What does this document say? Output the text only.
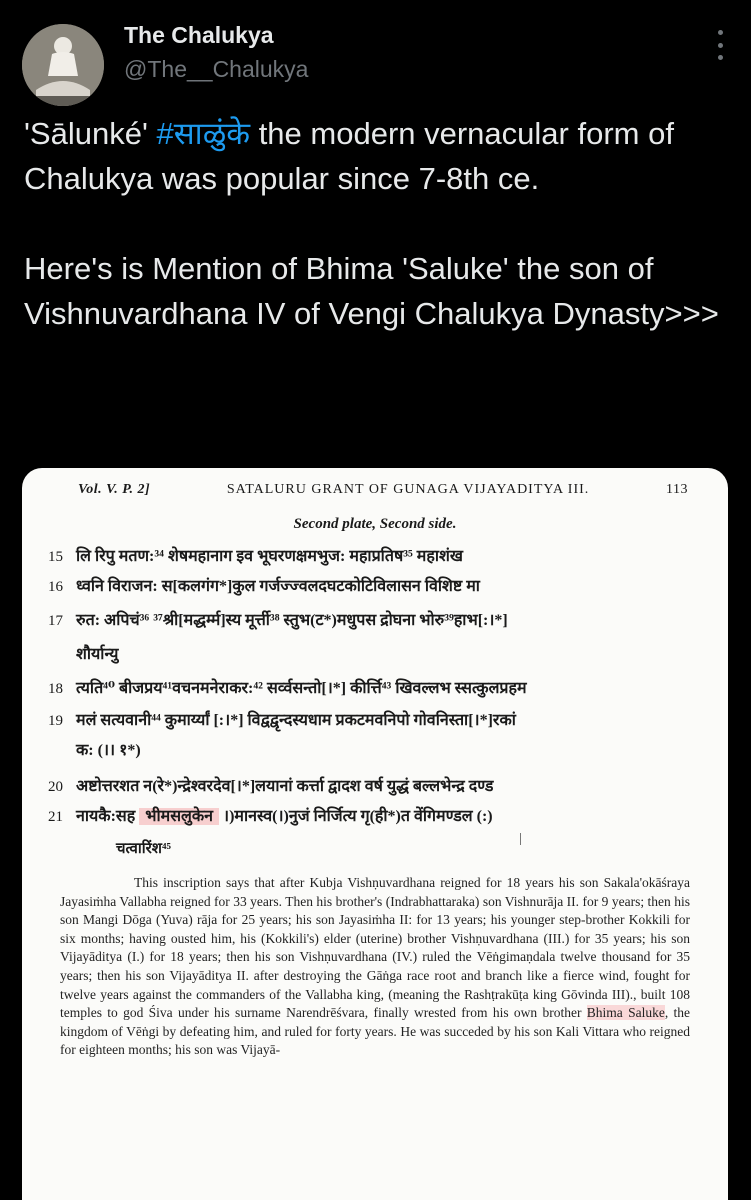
The Chalukya
@The__Chalukya
'Sālunké' #साळुंके the modern vernacular form of Chalukya was popular since 7-8th ce.

Here's is Mention of Bhima 'Saluke' the son of Vishnuvardhana IV of Vengi Chalukya Dynasty>>>
Vol. V. P. 2]	SATALURU GRANT OF GUNAGA VIJAYADITYA III.	113
Second plate, Second side.
15 लि रिपु मतण:³⁴ शेषमहानाग इव भूघरणक्षमभुज: महाप्रतिष³⁵ महाशंख
16 ध्वनि विराजन: स[कलगंग*]कुल गर्जज्ज्वलदघटकोटिविलासन विशिष्ट मा
17 रुत: अपिचं³⁶ ³⁷श्री[मद्धर्म्म]स्य मूर्त्ती³⁸ स्तुभ(ट*)मधुपस द्रोघना भोरु³⁹हाभ[:।*]
शौर्यान्यु
18 त्यति⁴⁰ बीजप्रय⁴¹वचनमनेराकर:⁴² सर्व्वसन्तो[।*] कीर्त्ति⁴³ खिवल्लभ स्सत्कुलप्रहम
19 मलं सत्यवानी⁴⁴ कुमार्य्यां [:।*] विद्वद्वृन्दस्यधाम प्रकटमवनिपो गोवनिस्ता[।*]रकां
क: (।। १*)
20 अष्टोत्तरशत न(रे*)न्द्रेश्वरदेव[।*]लयानां कर्त्ता द्वादश वर्ष युद्धं बल्लभेन्द्र दण्ड
21 नायकै:सह भीमसलुकेन ।)मानस्व(।)नुजं निर्जित्य गृ(ही*)त वेंगिमण्डल (:)
चत्वारिंश⁴⁵
This inscription says that after Kubja Vishṇuvardhana reigned for 18 years his son Sakala'okāśraya Jayasiṁha Vallabha reigned for 33 years. Then his brother's (Indrabhattaraka) son Vishnurāja II. for 9 years; then his son Mangi Dōga (Yuva) rāja for 25 years; his son Jayasiṁha II: for 13 years; his younger step-brother Kokkili for six months; having ousted him, his (Kokkili's) elder (uterine) brother Vishṇuvardhana (III.) for 35 years; his son Vijayāditya (I.) for 18 years; then his son Vishṇuvardhana (IV.) ruled the Vēṅgimaṇdala twelve thousand for 35 years; then his son Vijayāditya II. after destroying the Gāṅga race root and branch like a fierce wind, fought for twelve years against the commanders of the Vallabha king, (meaning the Rashṭrakūṭa king Gōvinda III)., built 108 temples to god Śiva under his surname Narendrēśvara, finally wrested from his own brother Bhima Saluke, the kingdom of Vēṅgi by defeating him, and ruled for forty years. He was succeded by his son Kali Vittara who reigned for eighteen months; his son was Vijayā-
